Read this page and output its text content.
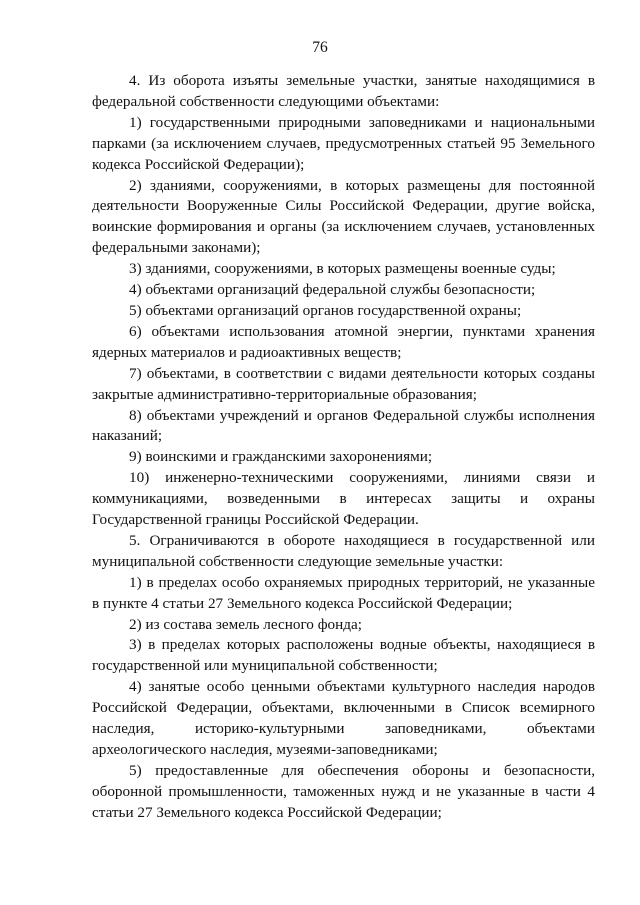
76

4. Из оборота изъяты земельные участки, занятые находящимися в федеральной собственности следующими объектами:

1) государственными природными заповедниками и национальными парками (за исключением случаев, предусмотренных статьей 95 Земельного кодекса Российской Федерации);

2) зданиями, сооружениями, в которых размещены для постоянной деятельности Вооруженные Силы Российской Федерации, другие войска, воинские формирования и органы (за исключением случаев, установленных федеральными законами);

3) зданиями, сооружениями, в которых размещены военные суды;

4) объектами организаций федеральной службы безопасности;

5) объектами организаций органов государственной охраны;

6) объектами использования атомной энергии, пунктами хранения ядерных материалов и радиоактивных веществ;

7) объектами, в соответствии с видами деятельности которых созданы закрытые административно-территориальные образования;

8) объектами учреждений и органов Федеральной службы исполнения наказаний;

9) воинскими и гражданскими захоронениями;

10) инженерно-техническими сооружениями, линиями связи и коммуникациями, возведенными в интересах защиты и охраны Государственной границы Российской Федерации.

5. Ограничиваются в обороте находящиеся в государственной или муниципальной собственности следующие земельные участки:

1) в пределах особо охраняемых природных территорий, не указанные в пункте 4 статьи 27 Земельного кодекса Российской Федерации;

2) из состава земель лесного фонда;

3) в пределах которых расположены водные объекты, находящиеся в государственной или муниципальной собственности;

4) занятые особо ценными объектами культурного наследия народов Российской Федерации, объектами, включенными в Список всемирного наследия, историко-культурными заповедниками, объектами археологического наследия, музеями-заповедниками;

5) предоставленные для обеспечения обороны и безопасности, оборонной промышленности, таможенных нужд и не указанные в части 4 статьи 27 Земельного кодекса Российской Федерации;
